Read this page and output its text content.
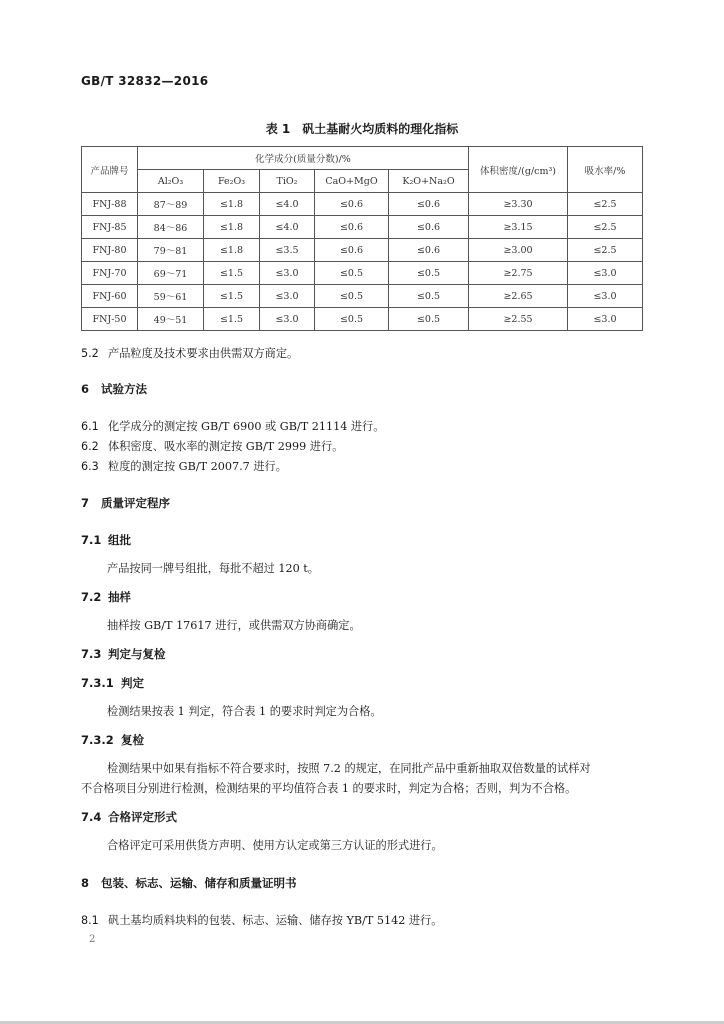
GB/T 32832—2016
表 1　矾土基耐火均质料的理化指标
产品牌号	化学成分(质量分数)/%					体积密度/(g/cm³)	吸水率/%
	Al₂O₃	Fe₂O₃	TiO₂	CaO+MgO	K₂O+Na₂O		
FNJ-88	87～89	≤1.8	≤4.0	≤0.6	≤0.6	≥3.30	≤2.5
FNJ-85	84～86	≤1.8	≤4.0	≤0.6	≤0.6	≥3.15	≤2.5
FNJ-80	79～81	≤1.8	≤3.5	≤0.6	≤0.6	≥3.00	≤2.5
FNJ-70	69～71	≤1.5	≤3.0	≤0.5	≤0.5	≥2.75	≤3.0
FNJ-60	59～61	≤1.5	≤3.0	≤0.5	≤0.5	≥2.65	≤3.0
FNJ-50	49～51	≤1.5	≤3.0	≤0.5	≤0.5	≥2.55	≤3.0
5.2 产品粒度及技术要求由供需双方商定。
6 试验方法
6.1 化学成分的测定按 GB/T 6900 或 GB/T 21114 进行。
6.2 体积密度、吸水率的测定按 GB/T 2999 进行。
6.3 粒度的测定按 GB/T 2007.7 进行。
7 质量评定程序
7.1 组批
产品按同一牌号组批，每批不超过 120 t。
7.2 抽样
抽样按 GB/T 17617 进行，或供需双方协商确定。
7.3 判定与复检
7.3.1 判定
检测结果按表 1 判定，符合表 1 的要求时判定为合格。
7.3.2 复检
检测结果中如果有指标不符合要求时，按照 7.2 的规定，在同批产品中重新抽取双倍数量的试样对
不合格项目分别进行检测，检测结果的平均值符合表 1 的要求时，判定为合格；否则，判为不合格。
7.4 合格评定形式
合格评定可采用供货方声明、使用方认定或第三方认证的形式进行。
8 包装、标志、运输、储存和质量证明书
8.1 矾土基均质料块料的包装、标志、运输、储存按 YB/T 5142 进行。
2
